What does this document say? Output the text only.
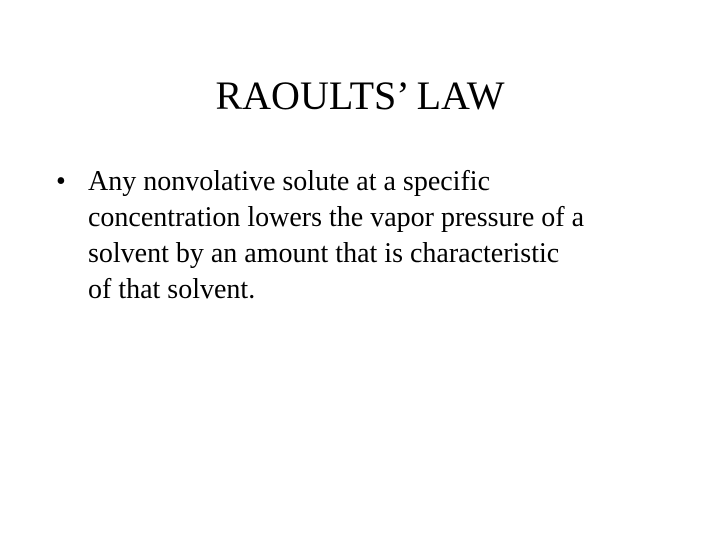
RAOULTS’ LAW
• Any nonvolative solute at a specific
concentration lowers the vapor pressure of a
solvent by an amount that is characteristic
of that solvent.
